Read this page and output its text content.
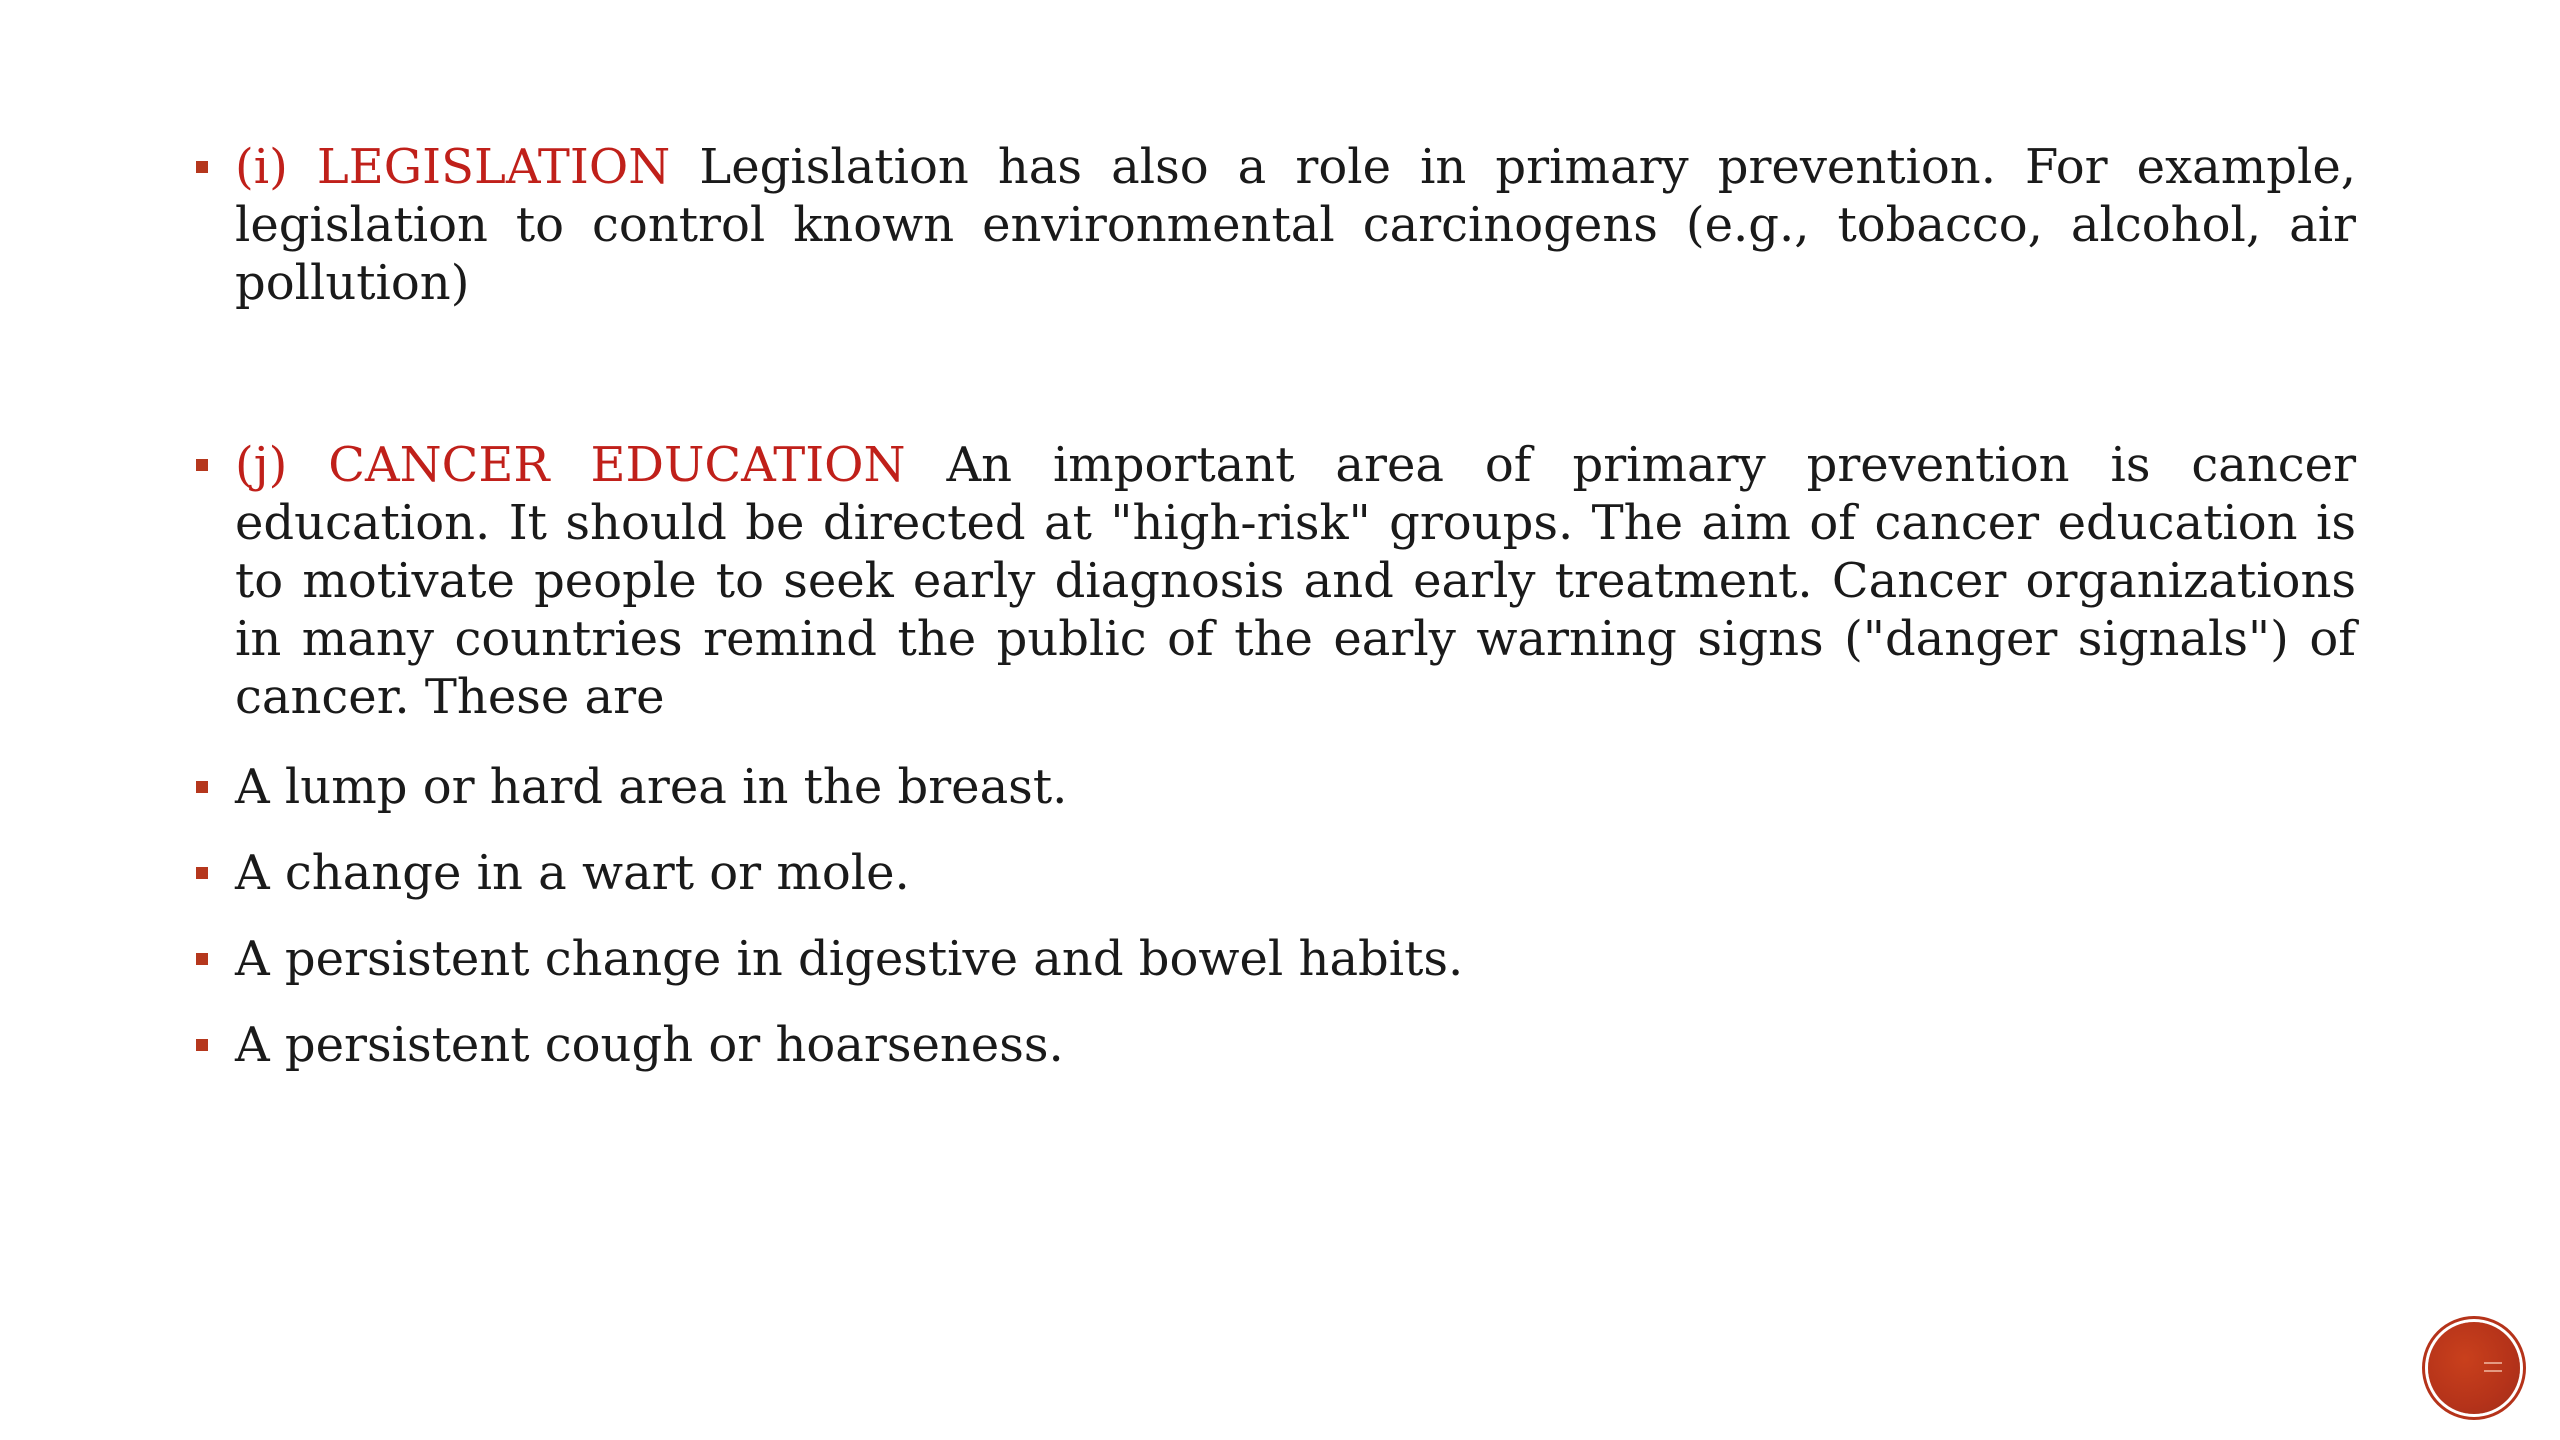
(i) LEGISLATION Legislation has also a role in primary prevention. For example, legislation to control known environmental carcinogens (e.g., tobacco, alcohol, air pollution)
(j) CANCER EDUCATION An important area of primary prevention is cancer education. It should be directed at "high-risk" groups. The aim of cancer education is to motivate people to seek early diagnosis and early treatment. Cancer organizations in many countries remind the public of the early warning signs ("danger signals") of cancer. These are
A lump or hard area in the breast.
A change in a wart or mole.
A persistent change in digestive and bowel habits.
A persistent cough or hoarseness.
